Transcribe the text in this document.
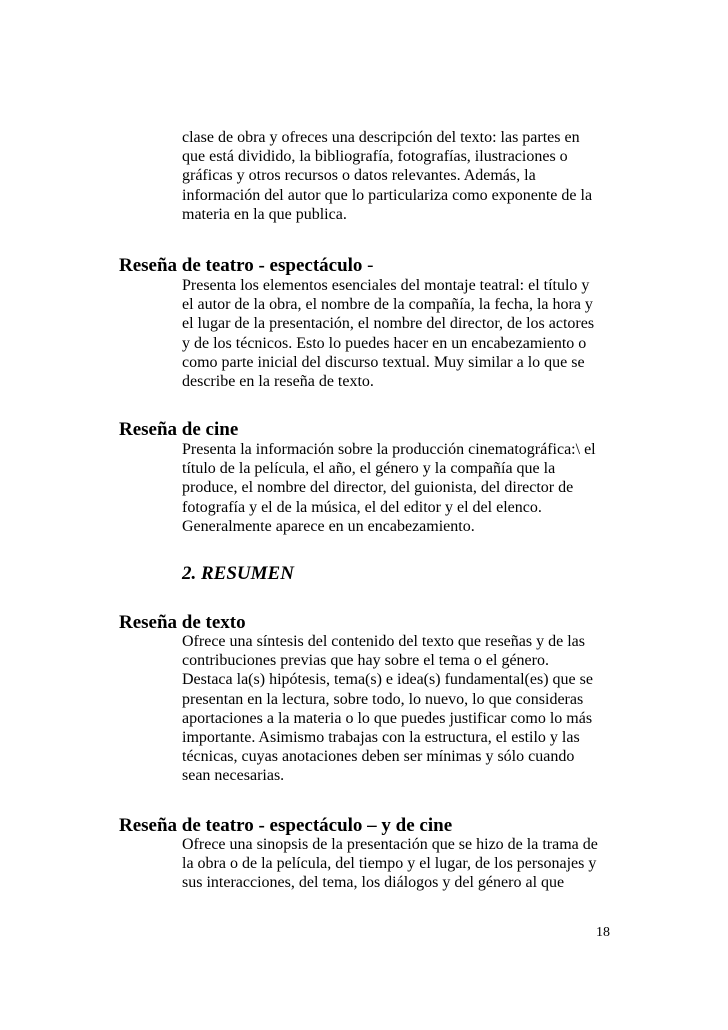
clase de obra y ofreces una descripción del texto: las partes en

que está dividido, la bibliografía, fotografías, ilustraciones o

gráficas y otros recursos o datos relevantes. Además, la

información del autor que lo particulariza como exponente de la

materia en la que publica.

Reseña de teatro - espectáculo -

Presenta los elementos esenciales del montaje teatral: el título y

el autor de la obra, el nombre de la compañía, la fecha, la hora y

el lugar de la presentación, el nombre del director, de los actores

y de los técnicos. Esto lo puedes hacer en un encabezamiento o

como parte inicial del discurso textual. Muy similar a lo que se

describe en la reseña de texto.

Reseña de cine

Presenta la información sobre la producción cinematográfica:\ el

título de la película, el año, el género y la compañía que la

produce, el nombre del director, del guionista, del director de

fotografía y el de la música, el del editor y el del elenco.

Generalmente aparece en un encabezamiento.

2. RESUMEN
Reseña de texto

Ofrece una síntesis del contenido del texto que reseñas y de las

contribuciones previas que hay sobre el tema o el género.

Destaca la(s) hipótesis, tema(s) e idea(s) fundamental(es) que se

presentan en la lectura, sobre todo, lo nuevo, lo que consideras

aportaciones a la materia o lo que puedes justificar como lo más

importante. Asimismo trabajas con la estructura, el estilo y las

técnicas, cuyas anotaciones deben ser mínimas y sólo cuando

sean necesarias.

Reseña de teatro - espectáculo – y de cine

Ofrece una sinopsis de la presentación que se hizo de la trama de

la obra o de la película, del tiempo y el lugar, de los personajes y

sus interacciones, del tema, los diálogos y del género al que

18
